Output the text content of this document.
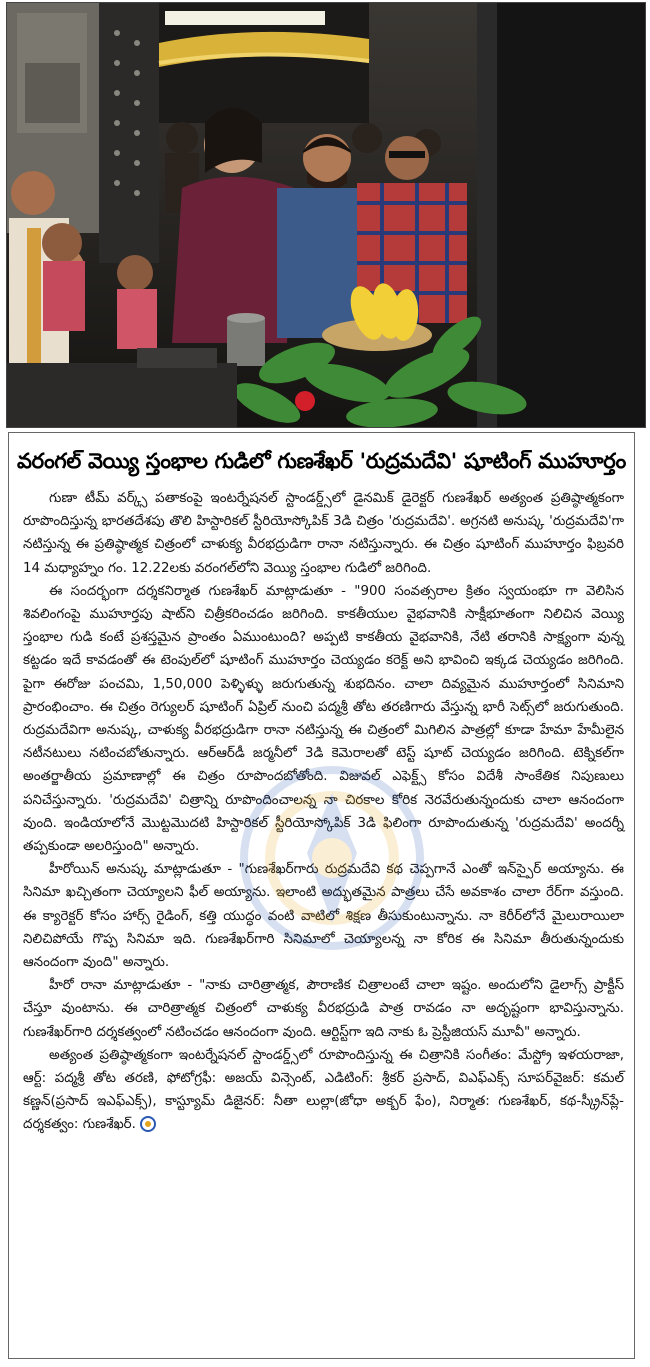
వరంగల్ వెయ్యి స్తంభాల గుడిలో గుణశేఖర్ 'రుద్రమదేవి' షూటింగ్ ముహూర్తం

గుణా టీమ్ వర్క్స్ పతాకంపై ఇంటర్నేషనల్ స్టాండర్డ్స్‌లో డైనమిక్ డైరెక్టర్ గుణశేఖర్ అత్యంత ప్రతిష్ఠాత్మకంగా రూపొందిస్తున్న భారతదేశపు తొలి హిస్టారికల్ స్టీరియోస్కోపిక్ 3డి చిత్రం 'రుద్రమదేవి'. అగ్రనటి అనుష్క 'రుద్రమదేవి'గా నటిస్తున్న ఈ ప్రతిష్ఠాత్మక చిత్రంలో చాళుక్య వీరభద్రుడిగా రానా నటిస్తున్నారు. ఈ చిత్రం షూటింగ్ ముహూర్తం ఫిబ్రవరి 14 మధ్యాహ్నం గం. 12.22లకు వరంగల్‌లోని వెయ్యి స్తంభాల గుడిలో జరిగింది.

ఈ సందర్భంగా దర్శకనిర్మాత గుణశేఖర్ మాట్లాడుతూ - "900 సంవత్సరాల క్రితం స్వయంభూ గా వెలిసిన శివలింగంపై ముహూర్తపు షాట్‌ని చిత్రీకరించడం జరిగింది. కాకతీయుల వైభవానికి సాక్షీభూతంగా నిలిచిన వెయ్యి స్తంభాల గుడి కంటే ప్రశస్తమైన ప్రాంతం ఏముంటుంది? అప్పటి కాకతీయ వైభవానికి, నేటి తరానికి సాక్ష్యంగా వున్న కట్టడం ఇదే కావడంతో ఈ టెంపుల్‌లో షూటింగ్ ముహూర్తం చెయ్యడం కరెక్ట్ అని భావించి ఇక్కడ చెయ్యడం జరిగింది. పైగా ఈరోజు పంచమి, 1,50,000 పెళ్ళిళ్ళు జరుగుతున్న శుభదినం. చాలా దివ్యమైన ముహూర్తంలో సినిమాని ప్రారంభించాం. ఈ చిత్రం రెగ్యులర్ షూటింగ్ ఏప్రిల్ నుంచి పద్మశ్రీ తోట తరణిగారు వేస్తున్న భారీ సెట్స్‌లో జరుగుతుంది. రుద్రమదేవిగా అనుష్క, చాళుక్య వీరభద్రుడిగా రానా నటిస్తున్న ఈ చిత్రంలో మిగిలిన పాత్రల్లో కూడా హేమా హేమీలైన నటీనటులు నటించబోతున్నారు. ఆర్ఆర్‌డీ జర్మనీలో 3డి కెమెరాలతో టెస్ట్ షూట్ చెయ్యడం జరిగింది. టెక్నికల్‌గా అంతర్జాతీయ ప్రమాణాల్లో ఈ చిత్రం రూపొందబోతోంది. విజువల్ ఎఫెక్ట్స్ కోసం విదేశీ సాంకేతిక నిపుణులు పనిచేస్తున్నారు. 'రుద్రమదేవి' చిత్రాన్ని రూపొందించాలన్న నా చిరకాల కోరిక నెరవేరుతున్నందుకు చాలా ఆనందంగా వుంది. ఇండియాలోనే మొట్టమొదటి హిస్టారికల్ స్టీరియోస్కోపిక్ 3డి ఫిలింగా రూపొందుతున్న 'రుద్రమదేవి' అందర్నీ తప్పకుండా అలరిస్తుంది" అన్నారు.

హీరోయిన్ అనుష్క మాట్లాడుతూ - "గుణశేఖర్‌గారు రుద్రమదేవి కథ చెప్పగానే ఎంతో ఇన్‌స్పైర్ అయ్యాను. ఈ సినిమా ఖచ్చితంగా చెయ్యాలని ఫీల్ అయ్యాను. ఇలాంటి అద్భుతమైన పాత్రలు చేసే అవకాశం చాలా రేర్‌గా వస్తుంది. ఈ క్యారెక్టర్ కోసం హార్స్ రైడింగ్, కత్తి యుద్ధం వంటి వాటిలో శిక్షణ తీసుకుంటున్నాను. నా కెరీర్‌లోనే మైలురాయిలా నిలిచిపోయే గొప్ప సినిమా ఇది. గుణశేఖర్‌గారి సినిమాలో చెయ్యాలన్న నా కోరిక ఈ సినిమా తీరుతున్నందుకు ఆనందంగా వుంది" అన్నారు.

హీరో రానా మాట్లాడుతూ - "నాకు చారిత్రాత్మక, పౌరాణిక చిత్రాలంటే చాలా ఇష్టం. అందులోని డైలాగ్స్ ప్రాక్టీస్ చేస్తూ వుంటాను. ఈ చారిత్రాత్మక చిత్రంలో చాళుక్య వీరభద్రుడి పాత్ర రావడం నా అదృష్టంగా భావిస్తున్నాను. గుణశేఖర్‌గారి దర్శకత్వంలో నటించడం ఆనందంగా వుంది. ఆర్టిస్ట్‌గా ఇది నాకు ఓ ప్రెస్టీజియస్ మూవీ" అన్నారు.

అత్యంత ప్రతిష్ఠాత్మకంగా ఇంటర్నేషనల్ స్టాండర్డ్స్‌లో రూపొందిస్తున్న ఈ చిత్రానికి సంగీతం: మేస్ట్రో ఇళయరాజా, ఆర్ట్: పద్మశ్రీ తోట తరణి, ఫోటోగ్రఫీ: అజయ్ విన్సెంట్, ఎడిటింగ్: శ్రీకర్ ప్రసాద్, విఎఫ్ఎక్స్ సూపర్‌వైజర్: కమల్ కణ్ణన్(ప్రసాద్ ఇఎఫ్ఎక్స్), కాస్ట్యూమ్ డిజైనర్: నీతా లుల్లా(జోధా అక్బర్ ఫేం), నిర్మాత: గుణశేఖర్, కథ-స్క్రీన్‌ప్లే-దర్శకత్వం: గుణశేఖర్.
